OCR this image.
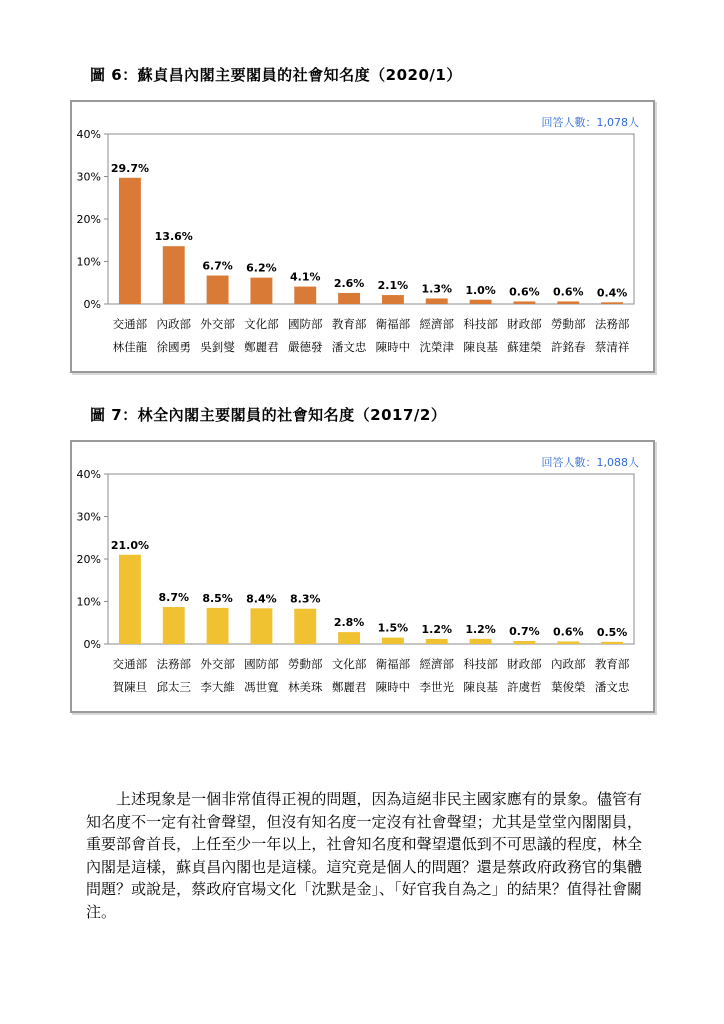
圖 6：蘇貞昌內閣主要閣員的社會知名度（2020/1）
回答人數：1,078人
0%
10%
20%
30%
40%
29.7%
交通部
林佳龍
13.6%
內政部
徐國勇
6.7%
外交部
吳釗燮
6.2%
文化部
鄭麗君
4.1%
國防部
嚴德發
2.6%
教育部
潘文忠
2.1%
衛福部
陳時中
1.3%
經濟部
沈榮津
1.0%
科技部
陳良基
0.6%
財政部
蘇建榮
0.6%
勞動部
許銘春
0.4%
法務部
蔡清祥
圖 7：林全內閣主要閣員的社會知名度（2017/2）
回答人數：1,088人
0%
10%
20%
30%
40%
21.0%
交通部
賀陳旦
8.7%
法務部
邱太三
8.5%
外交部
李大維
8.4%
國防部
馮世寬
8.3%
勞動部
林美珠
2.8%
文化部
鄭麗君
1.5%
衛福部
陳時中
1.2%
經濟部
李世光
1.2%
科技部
陳良基
0.7%
財政部
許虞哲
0.6%
內政部
葉俊榮
0.5%
教育部
潘文忠

上述現象是一個非常值得正視的問題，因為這絕非民主國家應有的景象。儘管有知名度不一定有社會聲望，但沒有知名度一定沒有社會聲望；尤其是堂堂內閣閣員，重要部會首長，上任至少一年以上，社會知名度和聲望還低到不可思議的程度，林全內閣是這樣，蘇貞昌內閣也是這樣。這究竟是個人的問題？還是蔡政府政務官的集體問題？或說是，蔡政府官場文化「沈默是金」、「好官我自為之」的結果？值得社會關注。
